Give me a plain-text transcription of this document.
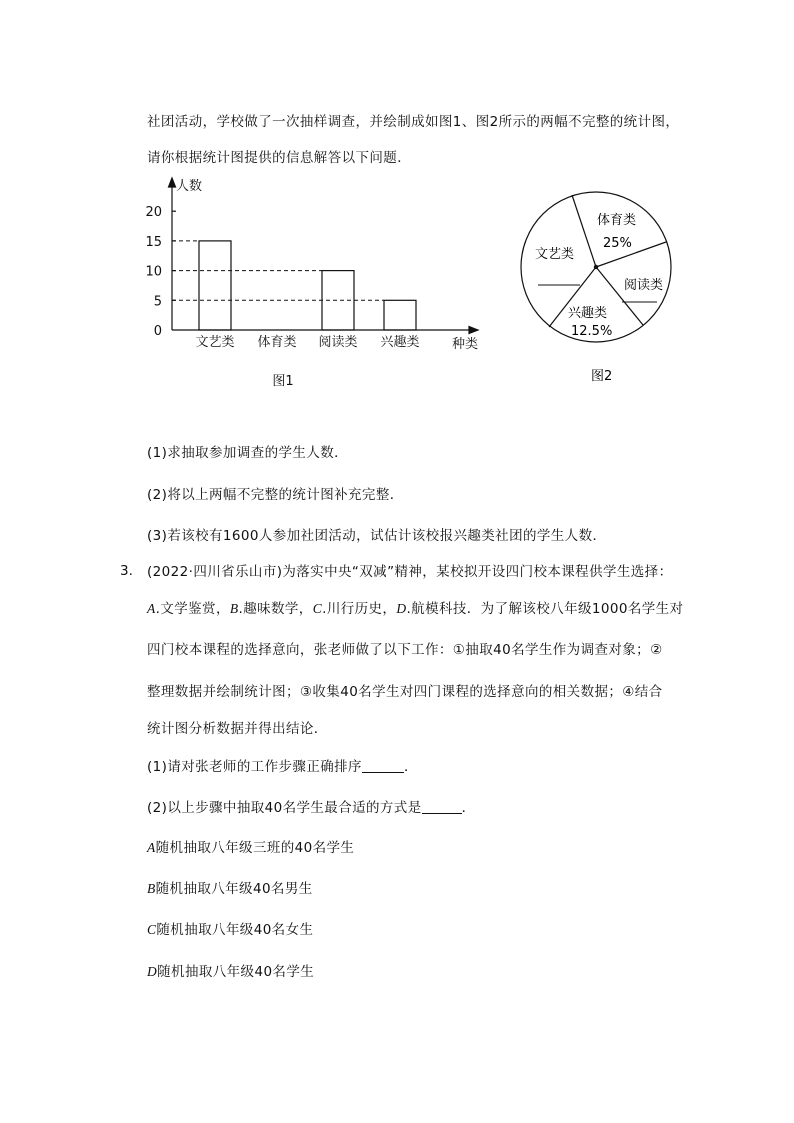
社团活动，学校做了一次抽样调查，并绘制成如图1、图2所示的两幅不完整的统计图，
请你根据统计图提供的信息解答以下问题．
0
5
10
15
20
人数
种类
文艺类 体育类 阅读类 兴趣类
图1
文艺类
体育类
25%
阅读类
兴趣类
12.5%
图2
(1)求抽取参加调查的学生人数．
(2)将以上两幅不完整的统计图补充完整．
(3)若该校有1600人参加社团活动，试估计该校报兴趣类社团的学生人数．
3. (2022·四川省乐山市)为落实中央“双减”精神，某校拟开设四门校本课程供学生选择：
A.文学鉴赏，B.趣味数学，C.川行历史，D.航模科技．为了解该校八年级1000名学生对
四门校本课程的选择意向，张老师做了以下工作：①抽取40名学生作为调查对象；②
整理数据并绘制统计图；③收集40名学生对四门课程的选择意向的相关数据；④结合
统计图分析数据并得出结论．
(1)请对张老师的工作步骤正确排序	．
(2)以上步骤中抽取40名学生最合适的方式是	．
A随机抽取八年级三班的40名学生
B随机抽取八年级40名男生
C随机抽取八年级40名女生
D随机抽取八年级40名学生
